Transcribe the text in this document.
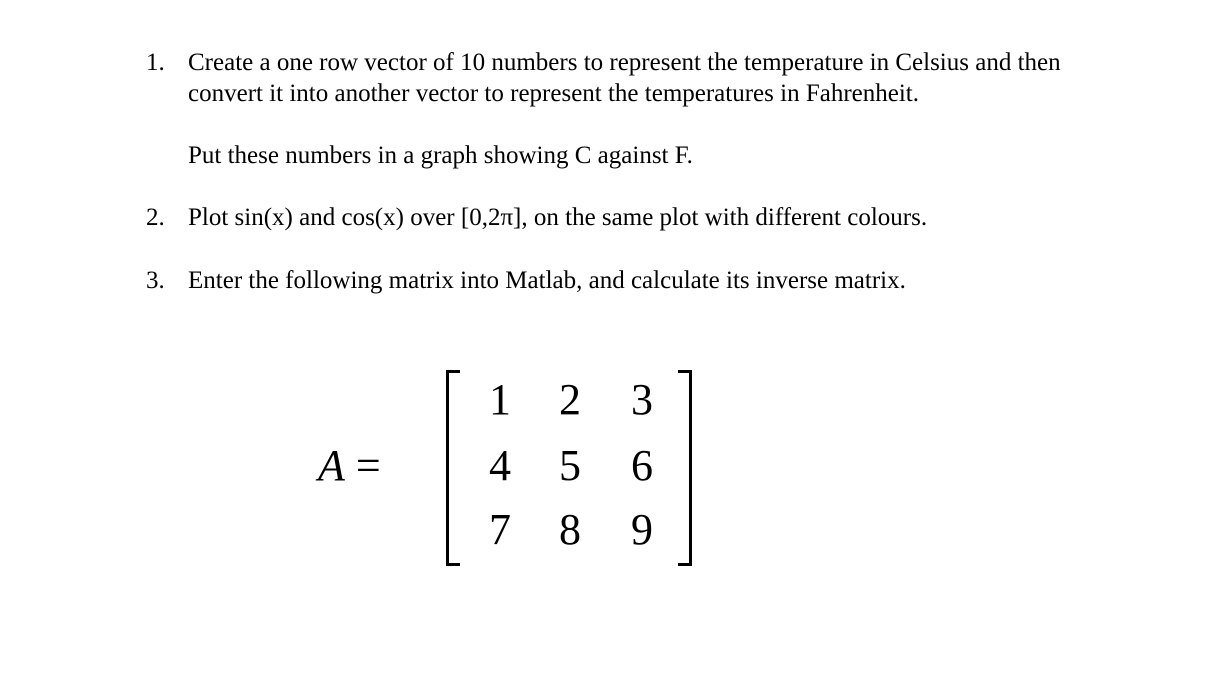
1. Create a one row vector of 10 numbers to represent the temperature in Celsius and then
convert it into another vector to represent the temperatures in Fahrenheit.
Put these numbers in a graph showing C against F.
2. Plot sin(x) and cos(x) over [0,2π], on the same plot with different colours.
3. Enter the following matrix into Matlab, and calculate its inverse matrix.
A =
1 2 3
4 5 6
7 8 9
